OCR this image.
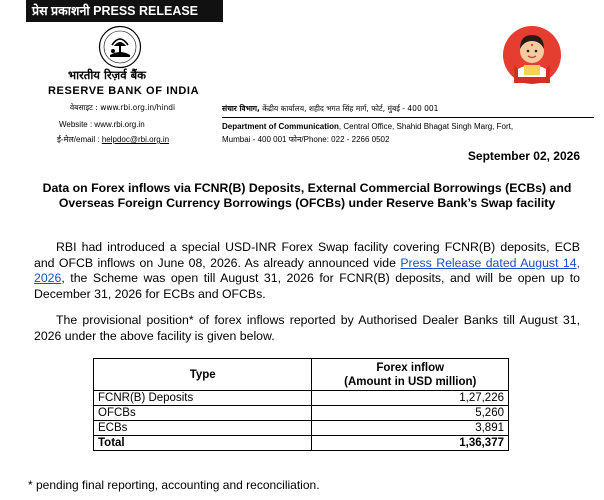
प्रेस प्रकाशनी PRESS RELEASE
भारतीय रिज़र्व बैंक
RESERVE BANK OF INDIA
वेबसाइट : www.rbi.org.in/hindi
Website : www.rbi.org.in
ई-मेल/email : helpdoc@rbi.org.in
संचार विभाग, केंद्रीय कार्यालय, शहीद भगत सिंह मार्ग, फोर्ट, मुंबई - 400 001
Department of Communication, Central Office, Shahid Bhagat Singh Marg, Fort,
Mumbai - 400 001 फोन/Phone: 022 - 2266 0502
September 02, 2026
Data on Forex inflows via FCNR(B) Deposits, External Commercial Borrowings (ECBs) and Overseas Foreign Currency Borrowings (OFCBs) under Reserve Bank’s Swap facility
RBI had introduced a special USD-INR Forex Swap facility covering FCNR(B) deposits, ECB and OFCB inflows on June 08, 2026. As already announced vide Press Release dated August 14, 2026, the Scheme was open till August 31, 2026 for FCNR(B) deposits, and will be open up to December 31, 2026 for ECBs and OFCBs.
The provisional position* of forex inflows reported by Authorised Dealer Banks till August 31, 2026 under the above facility is given below.
Type	Forex inflow
(Amount in USD million)

FCNR(B) Deposits	1,27,226
OFCBs	5,260
ECBs	3,891
Total	1,36,377
* pending final reporting, accounting and reconciliation.
